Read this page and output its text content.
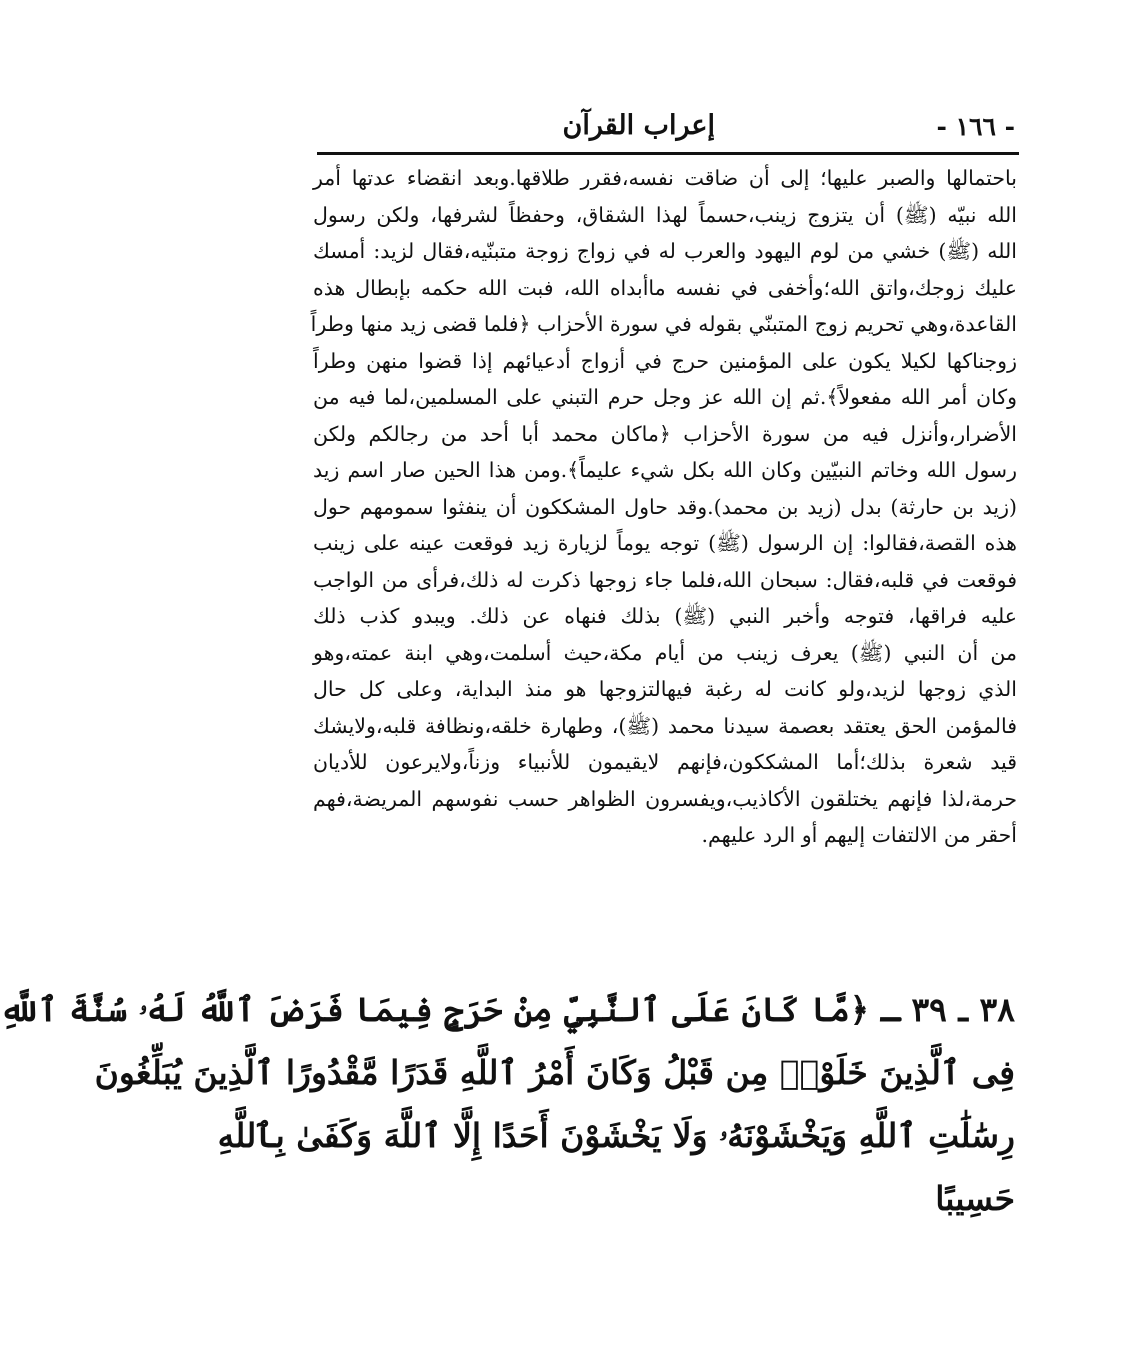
- ١٦٦ -
إعراب القرآن
باحتمالها والصبر عليها؛ إلى أن ضاقت نفسه،فقرر طلاقها.وبعد انقضاء عدتها أمر
الله نبيّه (ﷺ) أن يتزوج زينب،حسماً لهذا الشقاق، وحفظاً لشرفها، ولكن رسول
الله (ﷺ) خشي من لوم اليهود والعرب له في زواج زوجة متبنّيه،فقال لزيد: أمسك
عليك زوجك،واتق الله؛وأخفى في نفسه ماأبداه الله، فبت الله حكمه بإبطال هذه
القاعدة،وهي تحريم زوج المتبنّي بقوله في سورة الأحزاب ﴿فلما قضى زيد منها وطراً
زوجناكها لكيلا يكون على المؤمنين حرج في أزواج أدعيائهم إذا قضوا منهن وطراً
وكان أمر الله مفعولاً﴾.ثم إن الله عز وجل حرم التبني على المسلمين،لما فيه من
الأضرار،وأنزل فيه من سورة الأحزاب ﴿ماكان محمد أبا أحد من رجالكم ولكن
رسول الله وخاتم النبيّين وكان الله بكل شيء عليماً﴾.ومن هذا الحين صار اسم زيد
(زيد بن حارثة) بدل (زيد بن محمد).وقد حاول المشككون أن ينفثوا سمومهم حول
هذه القصة،فقالوا: إن الرسول (ﷺ) توجه يوماً لزيارة زيد فوقعت عينه على زينب
فوقعت في قلبه،فقال: سبحان الله،فلما جاء زوجها ذكرت له ذلك،فرأى من الواجب
عليه فراقها، فتوجه وأخبر النبي (ﷺ) بذلك فنهاه عن ذلك. ويبدو كذب ذلك
من أن النبي (ﷺ) يعرف زينب من أيام مكة،حيث أسلمت،وهي ابنة عمته،وهو
الذي زوجها لزيد،ولو كانت له رغبة فيهالتزوجها هو منذ البداية، وعلى كل حال
فالمؤمن الحق يعتقد بعصمة سيدنا محمد (ﷺ)، وطهارة خلقه،ونظافة قلبه،ولايشك
قيد شعرة بذلك؛أما المشككون،فإنهم لايقيمون للأنبياء وزناً،ولايرعون للأديان
حرمة،لذا فإنهم يختلقون الأكاذيب،ويفسرون الظواهر حسب نفوسهم المريضة،فهم
أحقر من الالتفات إليهم أو الرد عليهم.
٣٨ ـ ٣٩ ـ ﴿مَّا كَانَ عَلَى ٱلنَّبِيِّ مِنْ حَرَجٍ فِيمَا فَرَضَ ٱللَّهُ لَهُۥ سُنَّةَ ٱللَّهِ
فِى ٱلَّذِينَ خَلَوْا۟ مِن قَبْلُ وَكَانَ أَمْرُ ٱللَّهِ قَدَرًا مَّقْدُورًا ٱلَّذِينَ يُبَلِّغُونَ
رِسَٰلَٰتِ ٱللَّهِ وَيَخْشَوْنَهُۥ وَلَا يَخْشَوْنَ أَحَدًا إِلَّا ٱللَّهَ وَكَفَىٰ بِٱللَّهِ
حَسِيبًا
